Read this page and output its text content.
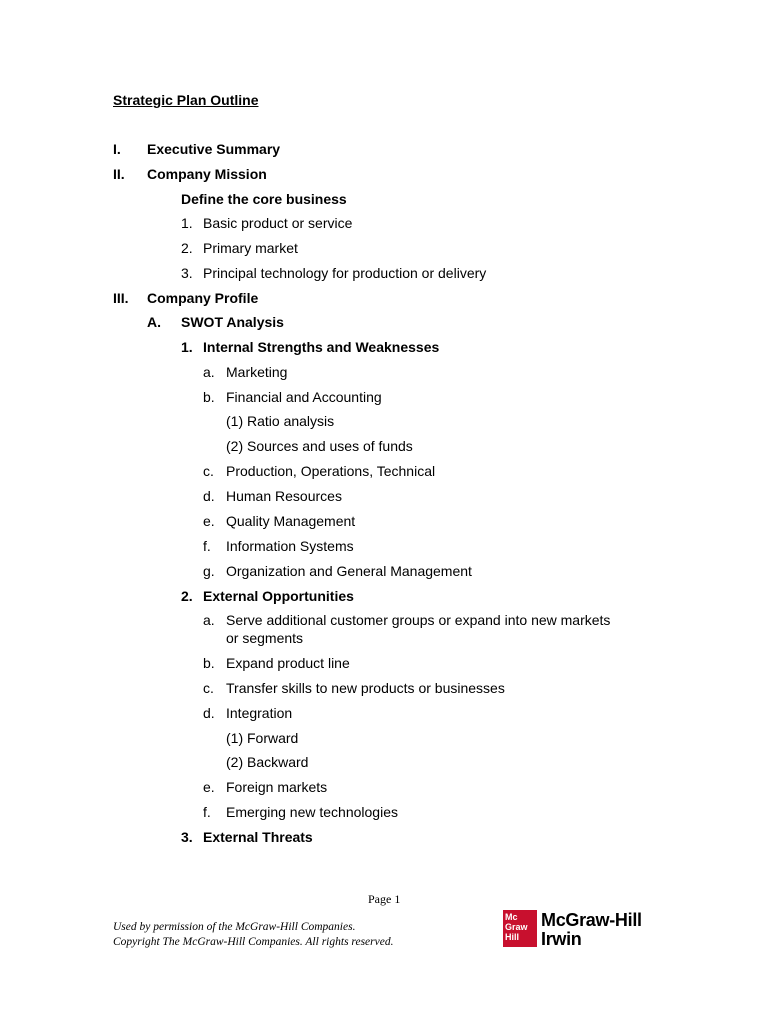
Strategic Plan Outline
I. Executive Summary
II. Company Mission
Define the core business
1. Basic product or service
2. Primary market
3. Principal technology for production or delivery
III. Company Profile
A. SWOT Analysis
1. Internal Strengths and Weaknesses
a. Marketing
b. Financial and Accounting
(1) Ratio analysis
(2) Sources and uses of funds
c. Production, Operations, Technical
d. Human Resources
e. Quality Management
f. Information Systems
g. Organization and General Management
2. External Opportunities
a. Serve additional customer groups or expand into new markets
or segments
b. Expand product line
c. Transfer skills to new products or businesses
d. Integration
(1) Forward
(2) Backward
e. Foreign markets
f. Emerging new technologies
3. External Threats
Page 1
Used by permission of the McGraw-Hill Companies.
Copyright The McGraw-Hill Companies. All rights reserved.
Mc
Graw
Hill
McGraw-Hill
Irwin
